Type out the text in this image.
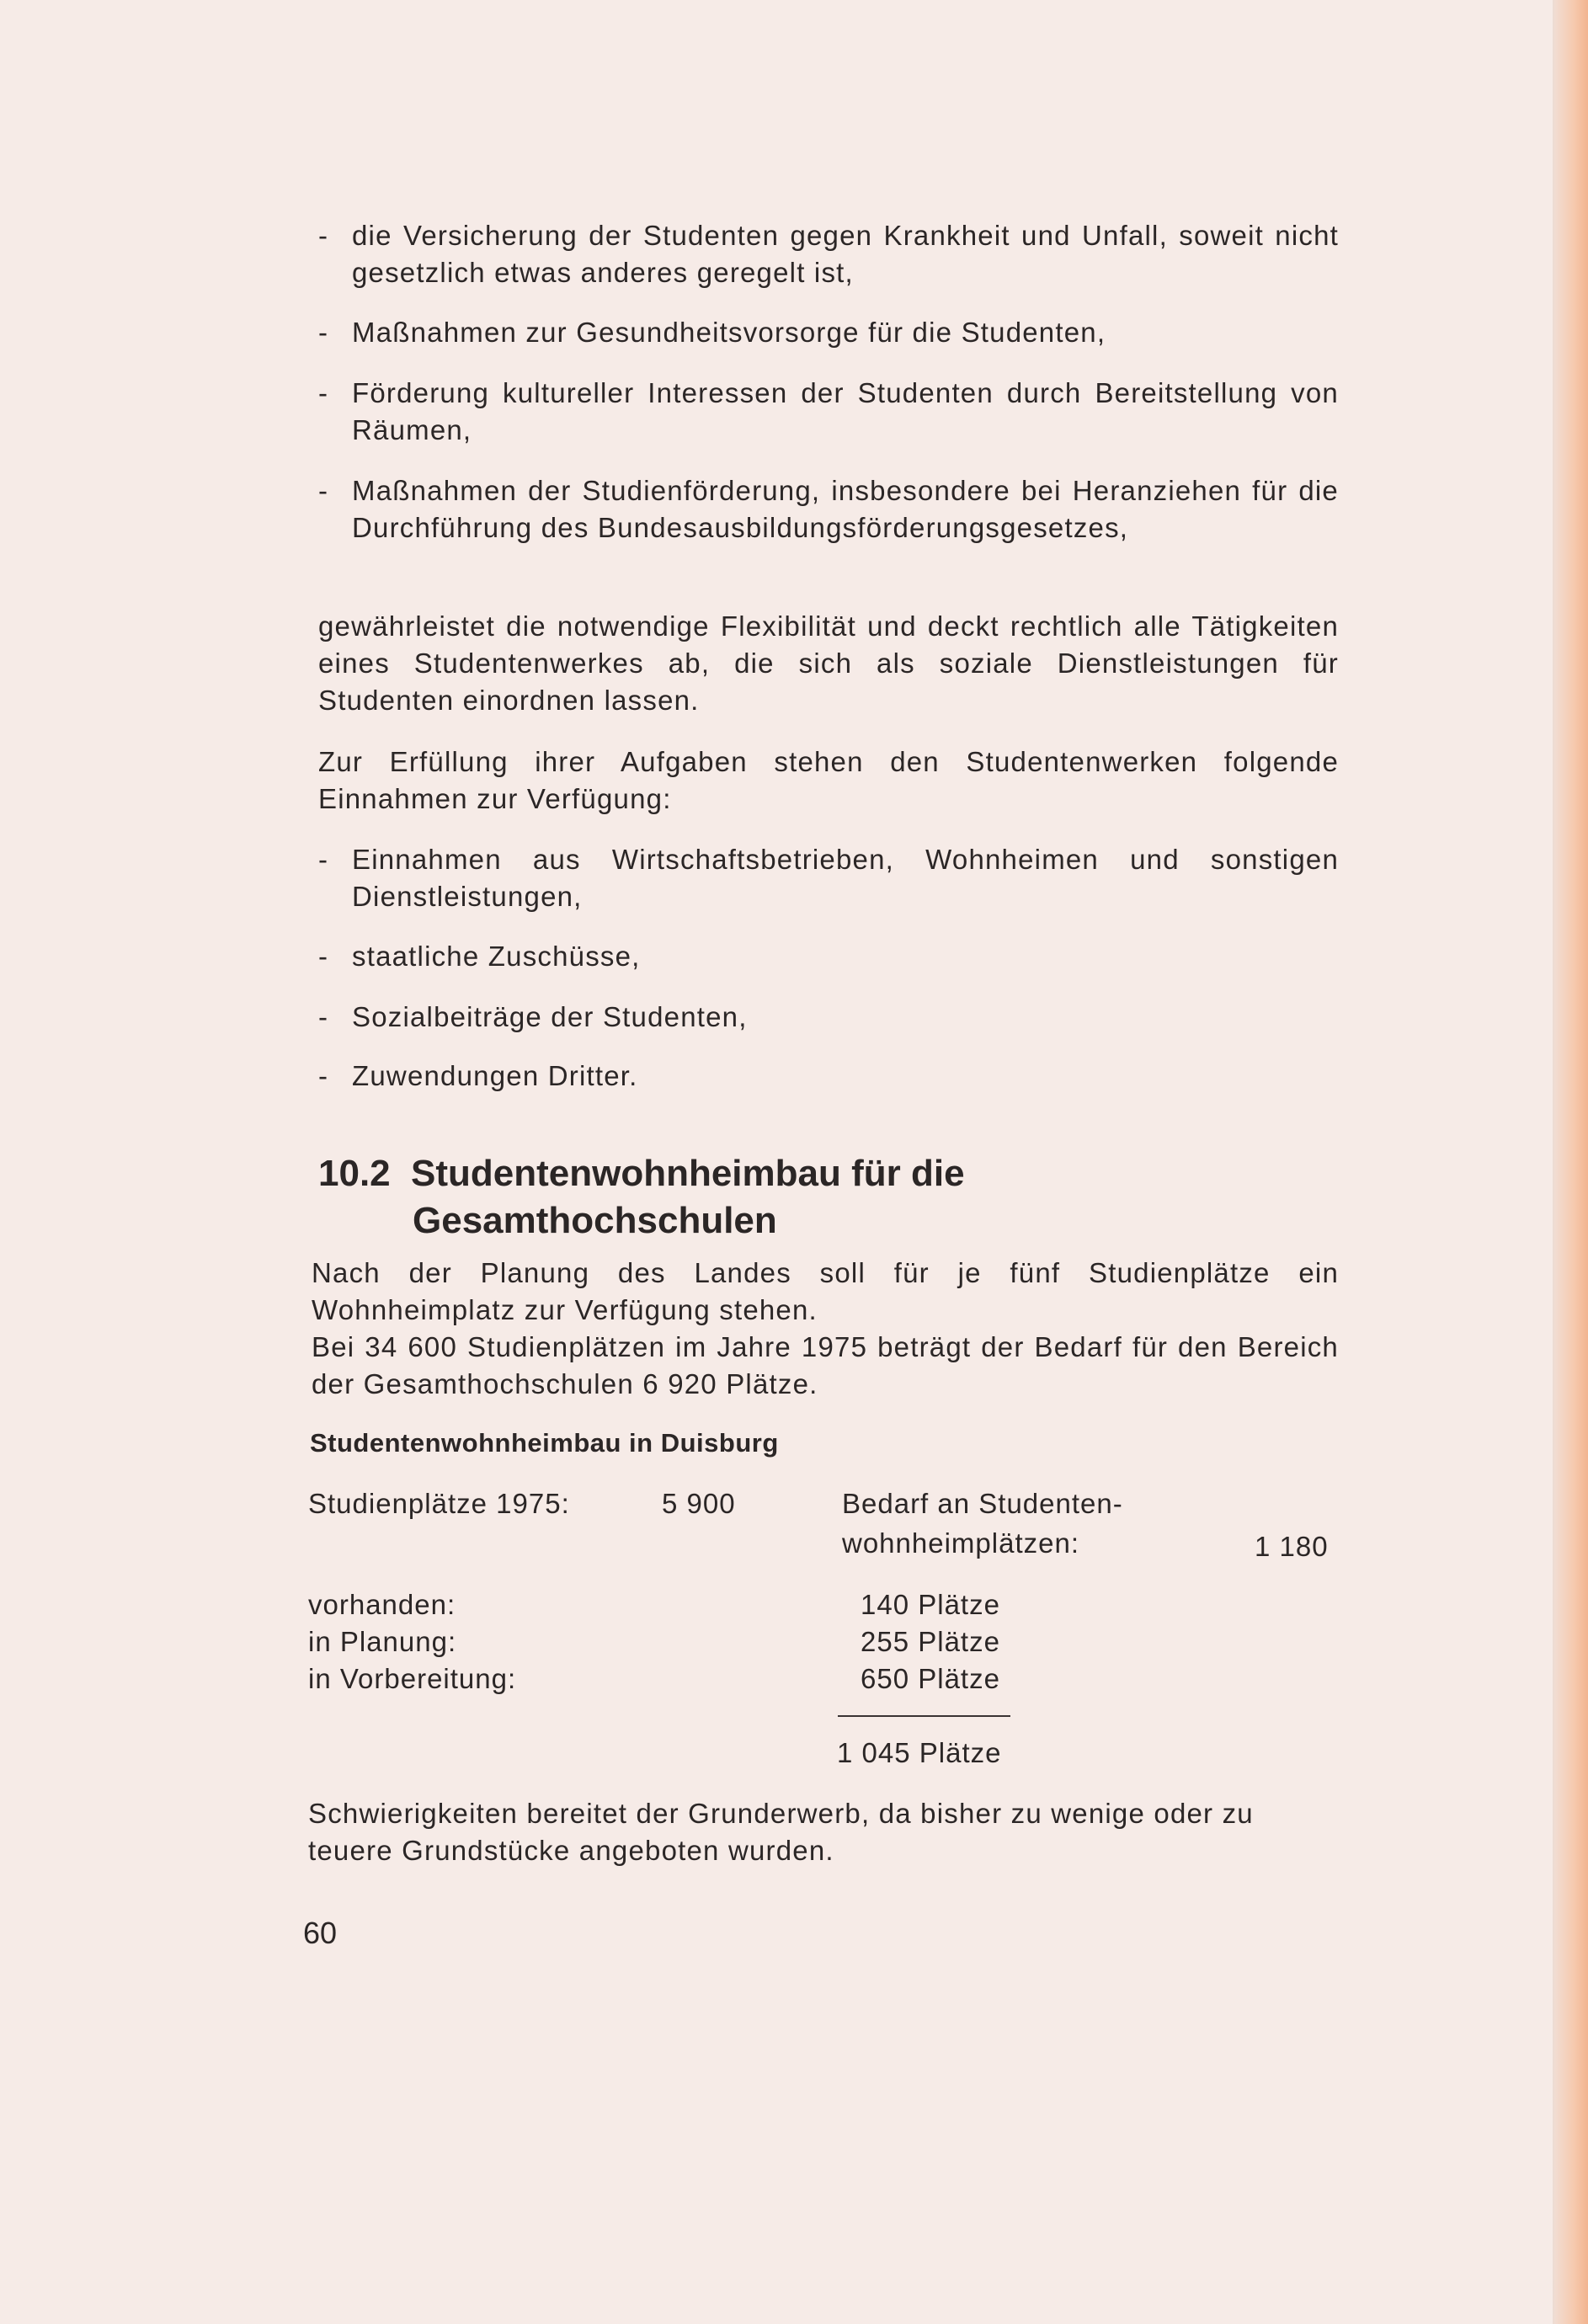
- die Versicherung der Studenten gegen Krankheit und Unfall, soweit nicht gesetzlich etwas anderes geregelt ist,
- Maßnahmen zur Gesundheitsvorsorge für die Studenten,
- Förderung kultureller Interessen der Studenten durch Bereitstellung von Räumen,
- Maßnahmen der Studienförderung, insbesondere bei Heranziehen für die Durchführung des Bundesausbildungsförderungsgesetzes,
gewährleistet die notwendige Flexibilität und deckt rechtlich alle Tätigkeiten eines Studentenwerkes ab, die sich als soziale Dienstleistungen für Studenten einordnen lassen.
Zur Erfüllung ihrer Aufgaben stehen den Studentenwerken folgende Einnahmen zur Verfügung:
- Einnahmen aus Wirtschaftsbetrieben, Wohnheimen und sonstigen Dienstleistungen,
- staatliche Zuschüsse,
- Sozialbeiträge der Studenten,
- Zuwendungen Dritter.
10.2 Studentenwohnheimbau für die
Gesamthochschulen
Nach der Planung des Landes soll für je fünf Studienplätze ein Wohnheimplatz zur Verfügung stehen.
Bei 34 600 Studienplätzen im Jahre 1975 beträgt der Bedarf für den Bereich der Gesamthochschulen 6 920 Plätze.
Studentenwohnheimbau in Duisburg
Studienplätze 1975:	5 900	Bedarf an Studenten-
wohnheimplätzen:	1 180
vorhanden:	140 Plätze
in Planung:	255 Plätze
in Vorbereitung:	650 Plätze
1 045 Plätze
Schwierigkeiten bereitet der Grunderwerb, da bisher zu wenige oder zu teuere Grundstücke angeboten wurden.
60
